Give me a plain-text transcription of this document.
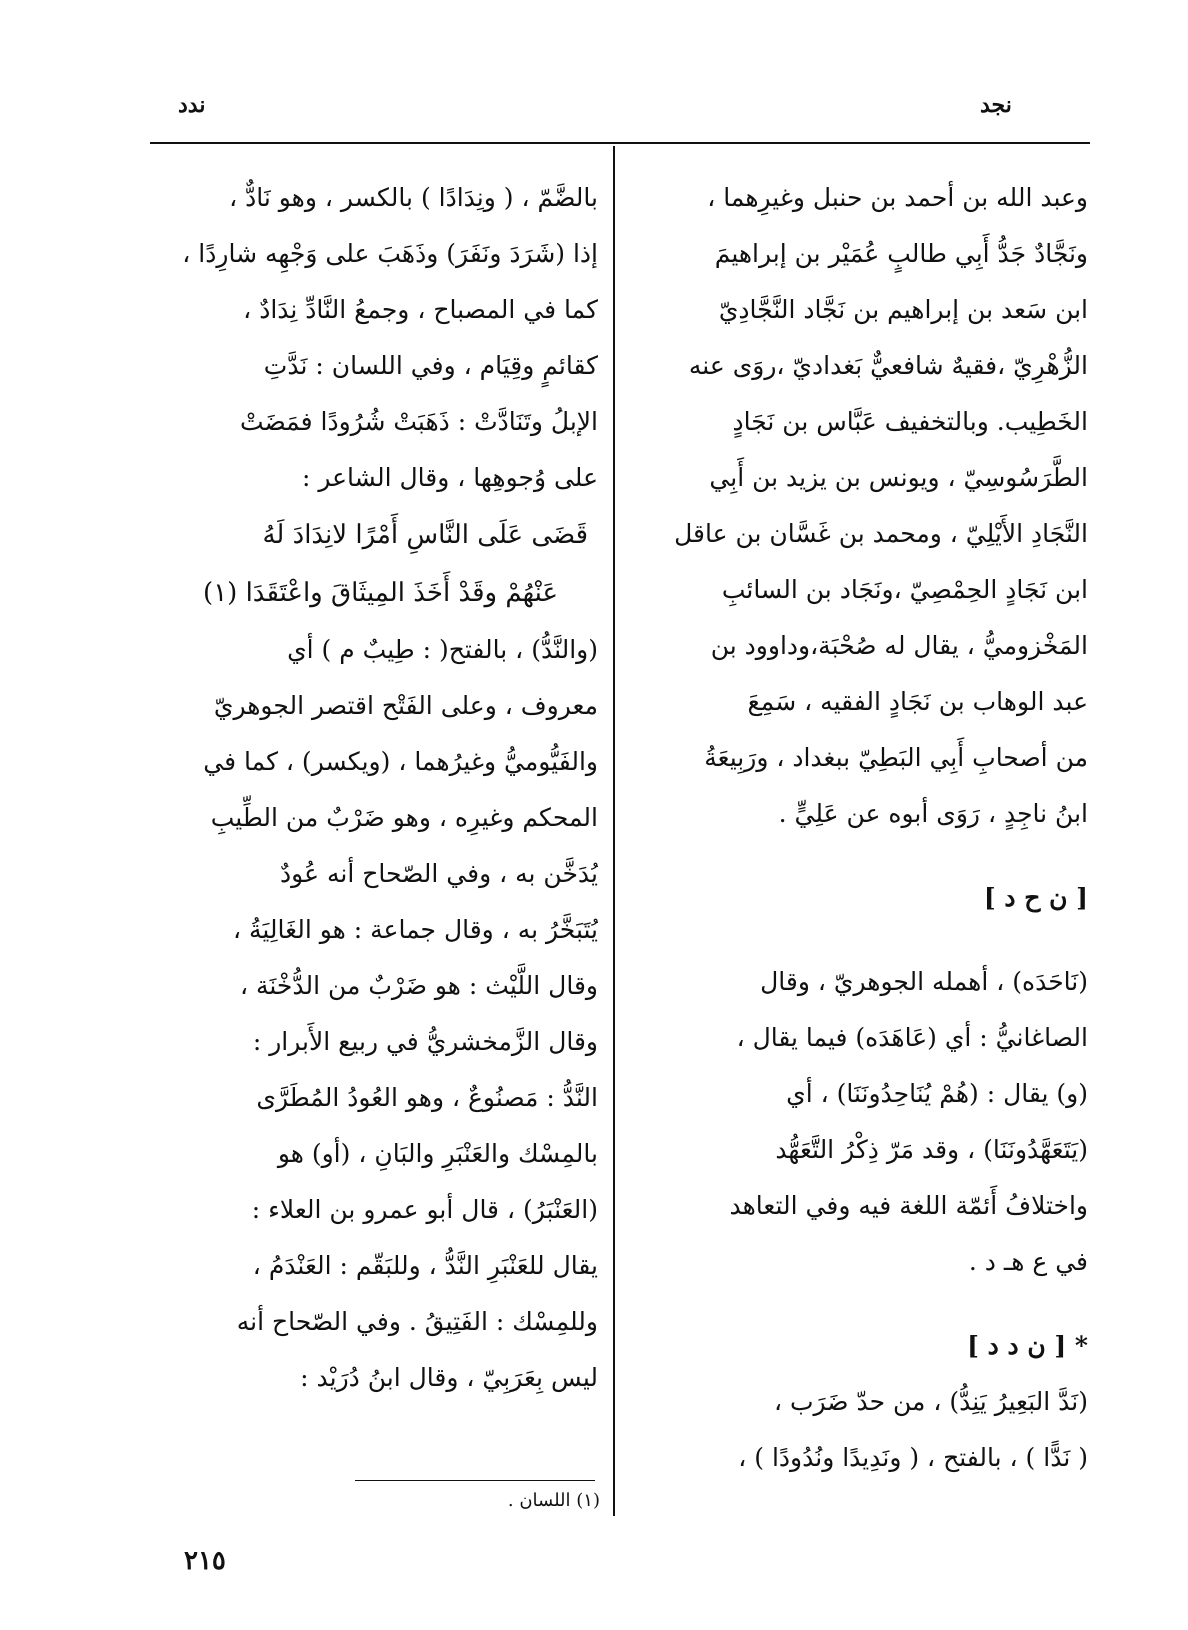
نجد
ندد
وعبد الله بن أحمد بن حنبل وغيرِهما ،
ونَجَّادٌ جَدُّ أَبِي طالبٍ عُمَيْر بن إبراهيمَ
ابن سَعد بن إبراهيم بن نَجَّاد النَّجَّادِيّ
الزُّهْرِيّ ،فقيهٌ شافعيٌّ بَغداديّ ،روَى عنه
الخَطِيب. وبالتخفيف عَبَّاس بن نَجَادٍ
الطَّرَسُوسِيّ ، ويونس بن يزيد بن أَبِي
النَّجَادِ الأَيْلِيّ ، ومحمد بن غَسَّان بن عاقل
ابن نَجَادٍ الحِمْصِيّ ،ونَجَاد بن السائبِ
المَخْزوميُّ ، يقال له صُحْبَة،وداوود بن
عبد الوهاب بن نَجَادٍ الفقيه ، سَمِعَ
من أصحابِ أَبِي البَطِيّ ببغداد ، ورَبِيعَةُ
ابنُ ناجِدٍ ، رَوَى أبوه عن عَلِيٍّ .
[ ن ح د ]
(نَاحَدَه) ، أهمله الجوهريّ ، وقال
الصاغانيُّ : أي (عَاهَدَه) فيما يقال ،
(و) يقال : (هُمْ يُنَاحِدُونَنَا) ، أي
(يَتَعَهَّدُونَنَا) ، وقد مَرّ ذِكْرُ التَّعَهُّد
واختلافُ أَئمّة اللغة فيه وفي التعاهد
في ع هـ د .
* [ ن د د ]
(نَدَّ البَعِيرُ يَنِدُّ) ، من حدّ ضَرَب ،
( نَدًّا ) ، بالفتح ، ( ونَدِيدًا ونُدُودًا ) ،
بالضَّمّ ، ( ونِدَادًا ) بالكسر ، وهو نَادٌّ ،
إذا (شَرَدَ ونَفَرَ) وذَهَبَ على وَجْهِه شارِدًا ،
كما في المصباح ، وجمعُ النَّادِّ نِدَادٌ ،
كقائمٍ وقِيَام ، وفي اللسان : نَدَّتِ
الإبلُ وتَنَادَّتْ : ذَهَبَتْ شُرُودًا فمَضَتْ
على وُجوهِها ، وقال الشاعر :
قَضَى عَلَى النَّاسِ أَمْرًا لانِدَادَ لَهُ
عَنْهُمْ وقَدْ أَخَذَ المِيثَاقَ واعْتَقَدَا (١)
(والنَّدُّ) ، بالفتح( : طِيبٌ م ) أي
معروف ، وعلى الفَتْح اقتصر الجوهريّ
والفَيُّوميُّ وغيرُهما ، (ويكسر) ، كما في
المحكم وغيرِه ، وهو ضَرْبٌ من الطِّيبِ
يُدَخَّن به ، وفي الصّحاح أنه عُودٌ
يُتَبَخَّرُ به ، وقال جماعة : هو الغَالِيَةُ ،
وقال اللَّيْث : هو ضَرْبٌ من الدُّخْنَة ،
وقال الزَّمخشريُّ في ربيع الأَبرار :
النَّدُّ : مَصنُوعٌ ، وهو العُودُ المُطَرَّى
بالمِسْك والعَنْبَرِ والبَانِ ، (أو) هو
(العَنْبَرُ) ، قال أبو عمرو بن العلاء :
يقال للعَنْبَرِ النَّدُّ ، وللبَقّم : العَنْدَمُ ،
وللمِسْك : الفَتِيقُ . وفي الصّحاح أنه
ليس بِعَرَبِيّ ، وقال ابنُ دُرَيْد :
(١) اللسان .
٢١٥
